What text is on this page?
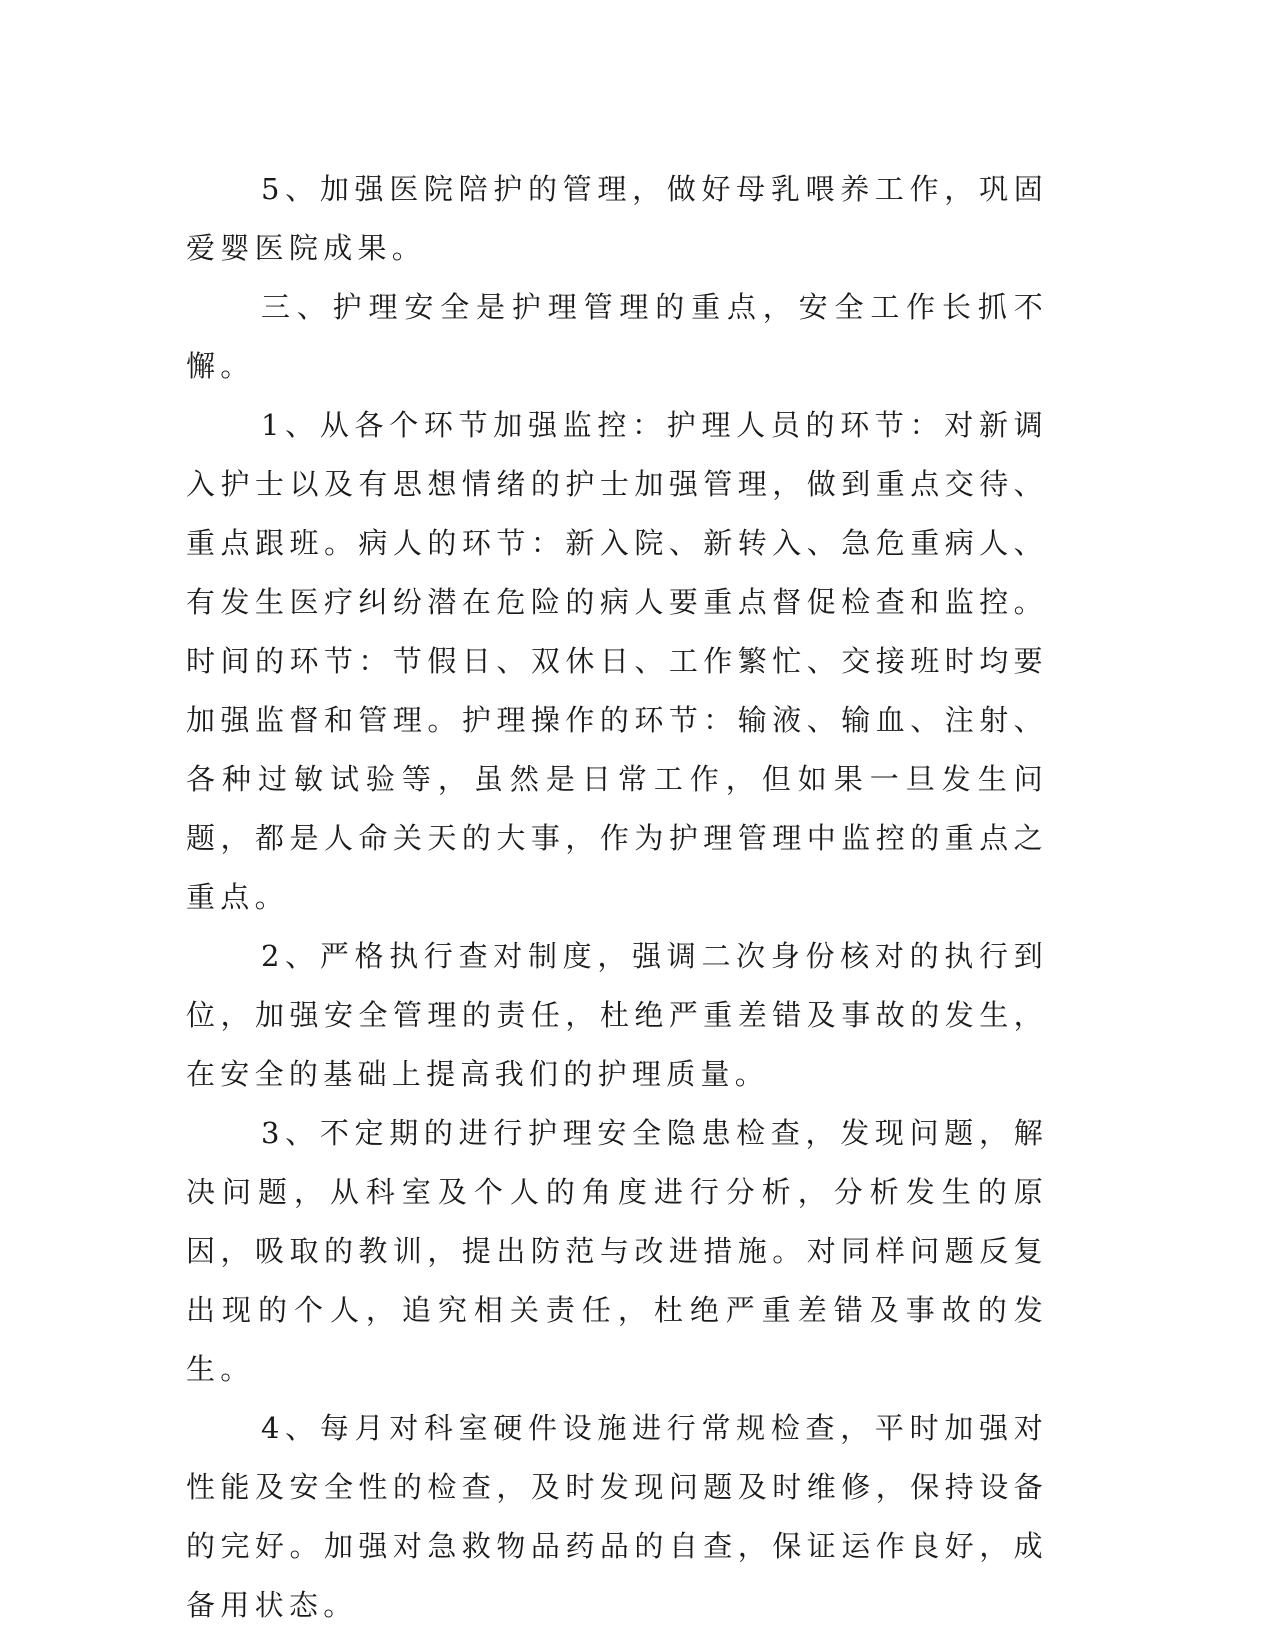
5、加强医院陪护的管理，做好母乳喂养工作，巩固爱婴医院成果。

三、护理安全是护理管理的重点，安全工作长抓不懈。

1、从各个环节加强监控：护理人员的环节：对新调入护士以及有思想情绪的护士加强管理，做到重点交待、重点跟班。病人的环节：新入院、新转入、急危重病人、有发生医疗纠纷潜在危险的病人要重点督促检查和监控。时间的环节：节假日、双休日、工作繁忙、交接班时均要加强监督和管理。护理操作的环节：输液、输血、注射、各种过敏试验等，虽然是日常工作，但如果一旦发生问题，都是人命关天的大事，作为护理管理中监控的重点之重点。

2、严格执行查对制度，强调二次身份核对的执行到位，加强安全管理的责任，杜绝严重差错及事故的发生，在安全的基础上提高我们的护理质量。

3、不定期的进行护理安全隐患检查，发现问题，解决问题，从科室及个人的角度进行分析，分析发生的原因，吸取的教训，提出防范与改进措施。对同样问题反复出现的个人，追究相关责任，杜绝严重差错及事故的发生。

4、每月对科室硬件设施进行常规检查，平时加强对性能及安全性的检查，及时发现问题及时维修，保持设备的完好。加强对急救物品药品的自查，保证运作良好，成备用状态。
